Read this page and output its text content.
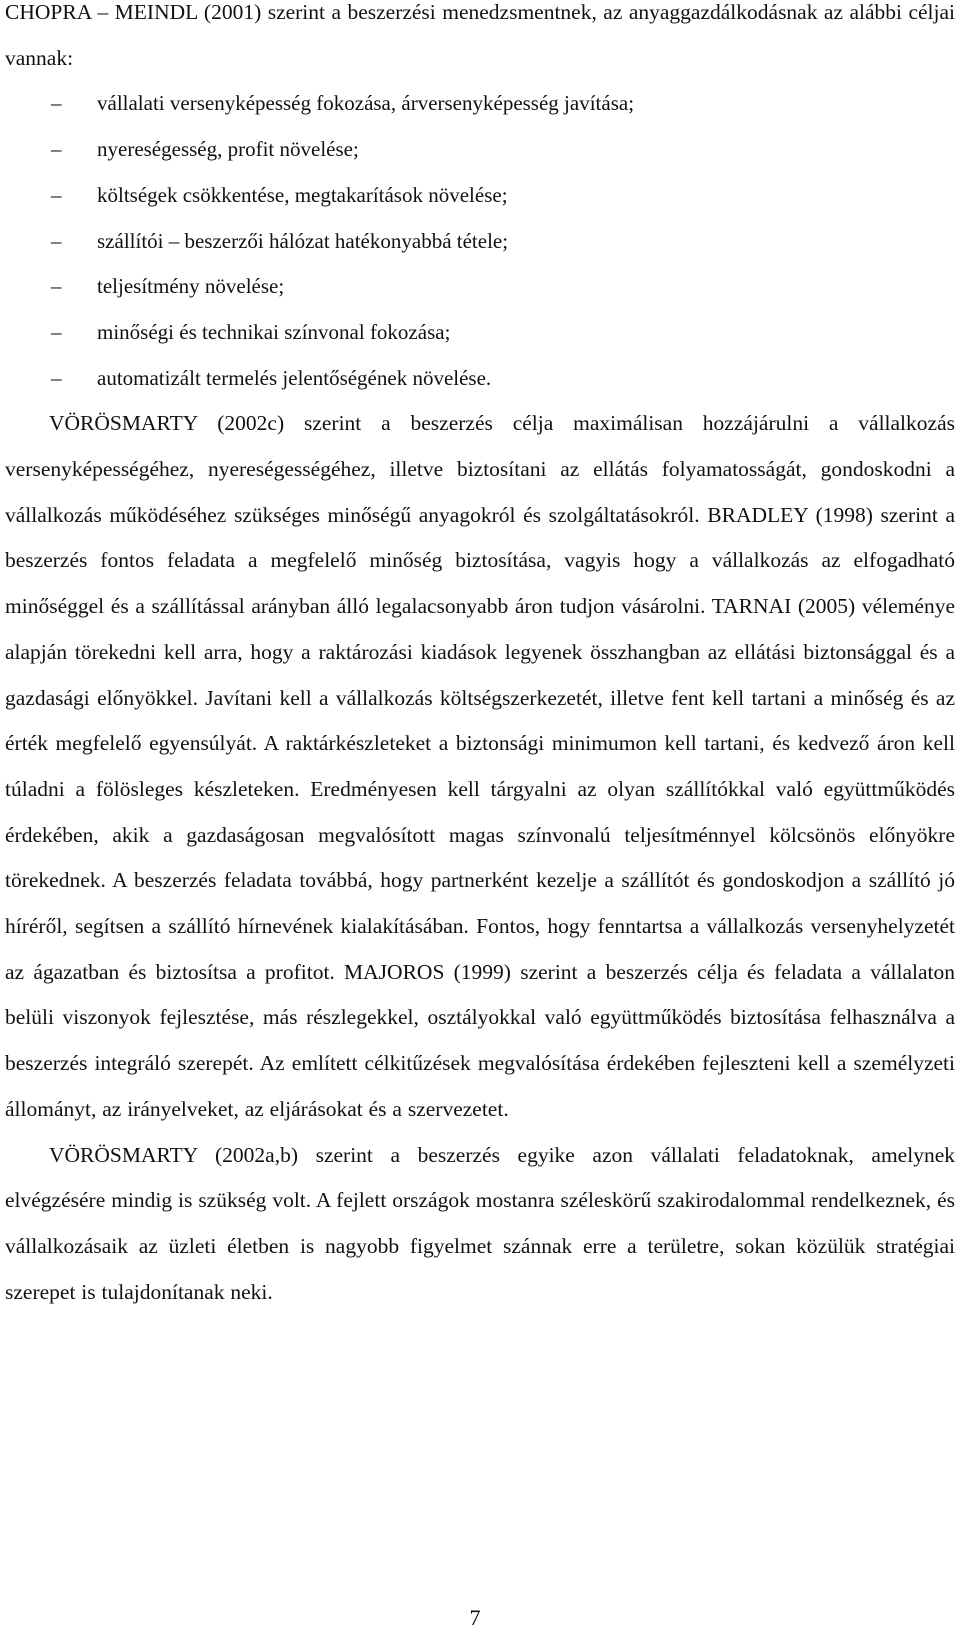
CHOPRA – MEINDL (2001) szerint a beszerzési menedzsmentnek, az anyaggazdálkodásnak az alábbi céljai vannak:

– vállalati versenyképesség fokozása, árversenyképesség javítása;
– nyereségesség, profit növelése;
– költségek csökkentése, megtakarítások növelése;
– szállítói – beszerzői hálózat hatékonyabbá tétele;
– teljesítmény növelése;
– minőségi és technikai színvonal fokozása;
– automatizált termelés jelentőségének növelése.

VÖRÖSMARTY (2002c) szerint a beszerzés célja maximálisan hozzájárulni a vállalkozás versenyképességéhez, nyereségességéhez, illetve biztosítani az ellátás folyamatosságát, gondoskodni a vállalkozás működéséhez szükséges minőségű anyagokról és szolgáltatásokról. BRADLEY (1998) szerint a beszerzés fontos feladata a megfelelő minőség biztosítása, vagyis hogy a vállalkozás az elfogadható minőséggel és a szállítással arányban álló legalacsonyabb áron tudjon vásárolni. TARNAI (2005) véleménye alapján törekedni kell arra, hogy a raktározási kiadások legyenek összhangban az ellátási biztonsággal és a gazdasági előnyökkel. Javítani kell a vállalkozás költségszerkezetét, illetve fent kell tartani a minőség és az érték megfelelő egyensúlyát. A raktárkészleteket a biztonsági minimumon kell tartani, és kedvező áron kell túladni a fölösleges készleteken. Eredményesen kell tárgyalni az olyan szállítókkal való együttműködés érdekében, akik a gazdaságosan megvalósított magas színvonalú teljesítménnyel kölcsönös előnyökre törekednek. A beszerzés feladata továbbá, hogy partnerként kezelje a szállítót és gondoskodjon a szállító jó híréről, segítsen a szállító hírnevének kialakításában. Fontos, hogy fenntartsa a vállalkozás versenyhelyzetét az ágazatban és biztosítsa a profitot. MAJOROS (1999) szerint a beszerzés célja és feladata a vállalaton belüli viszonyok fejlesztése, más részlegekkel, osztályokkal való együttműködés biztosítása felhasználva a beszerzés integráló szerepét. Az említett célkitűzések megvalósítása érdekében fejleszteni kell a személyzeti állományt, az irányelveket, az eljárásokat és a szervezetet.

VÖRÖSMARTY (2002a,b) szerint a beszerzés egyike azon vállalati feladatoknak, amelynek elvégzésére mindig is szükség volt. A fejlett országok mostanra széleskörű szakirodalommal rendelkeznek, és vállalkozásaik az üzleti életben is nagyobb figyelmet szánnak erre a területre, sokan közülük stratégiai szerepet is tulajdonítanak neki.

7
